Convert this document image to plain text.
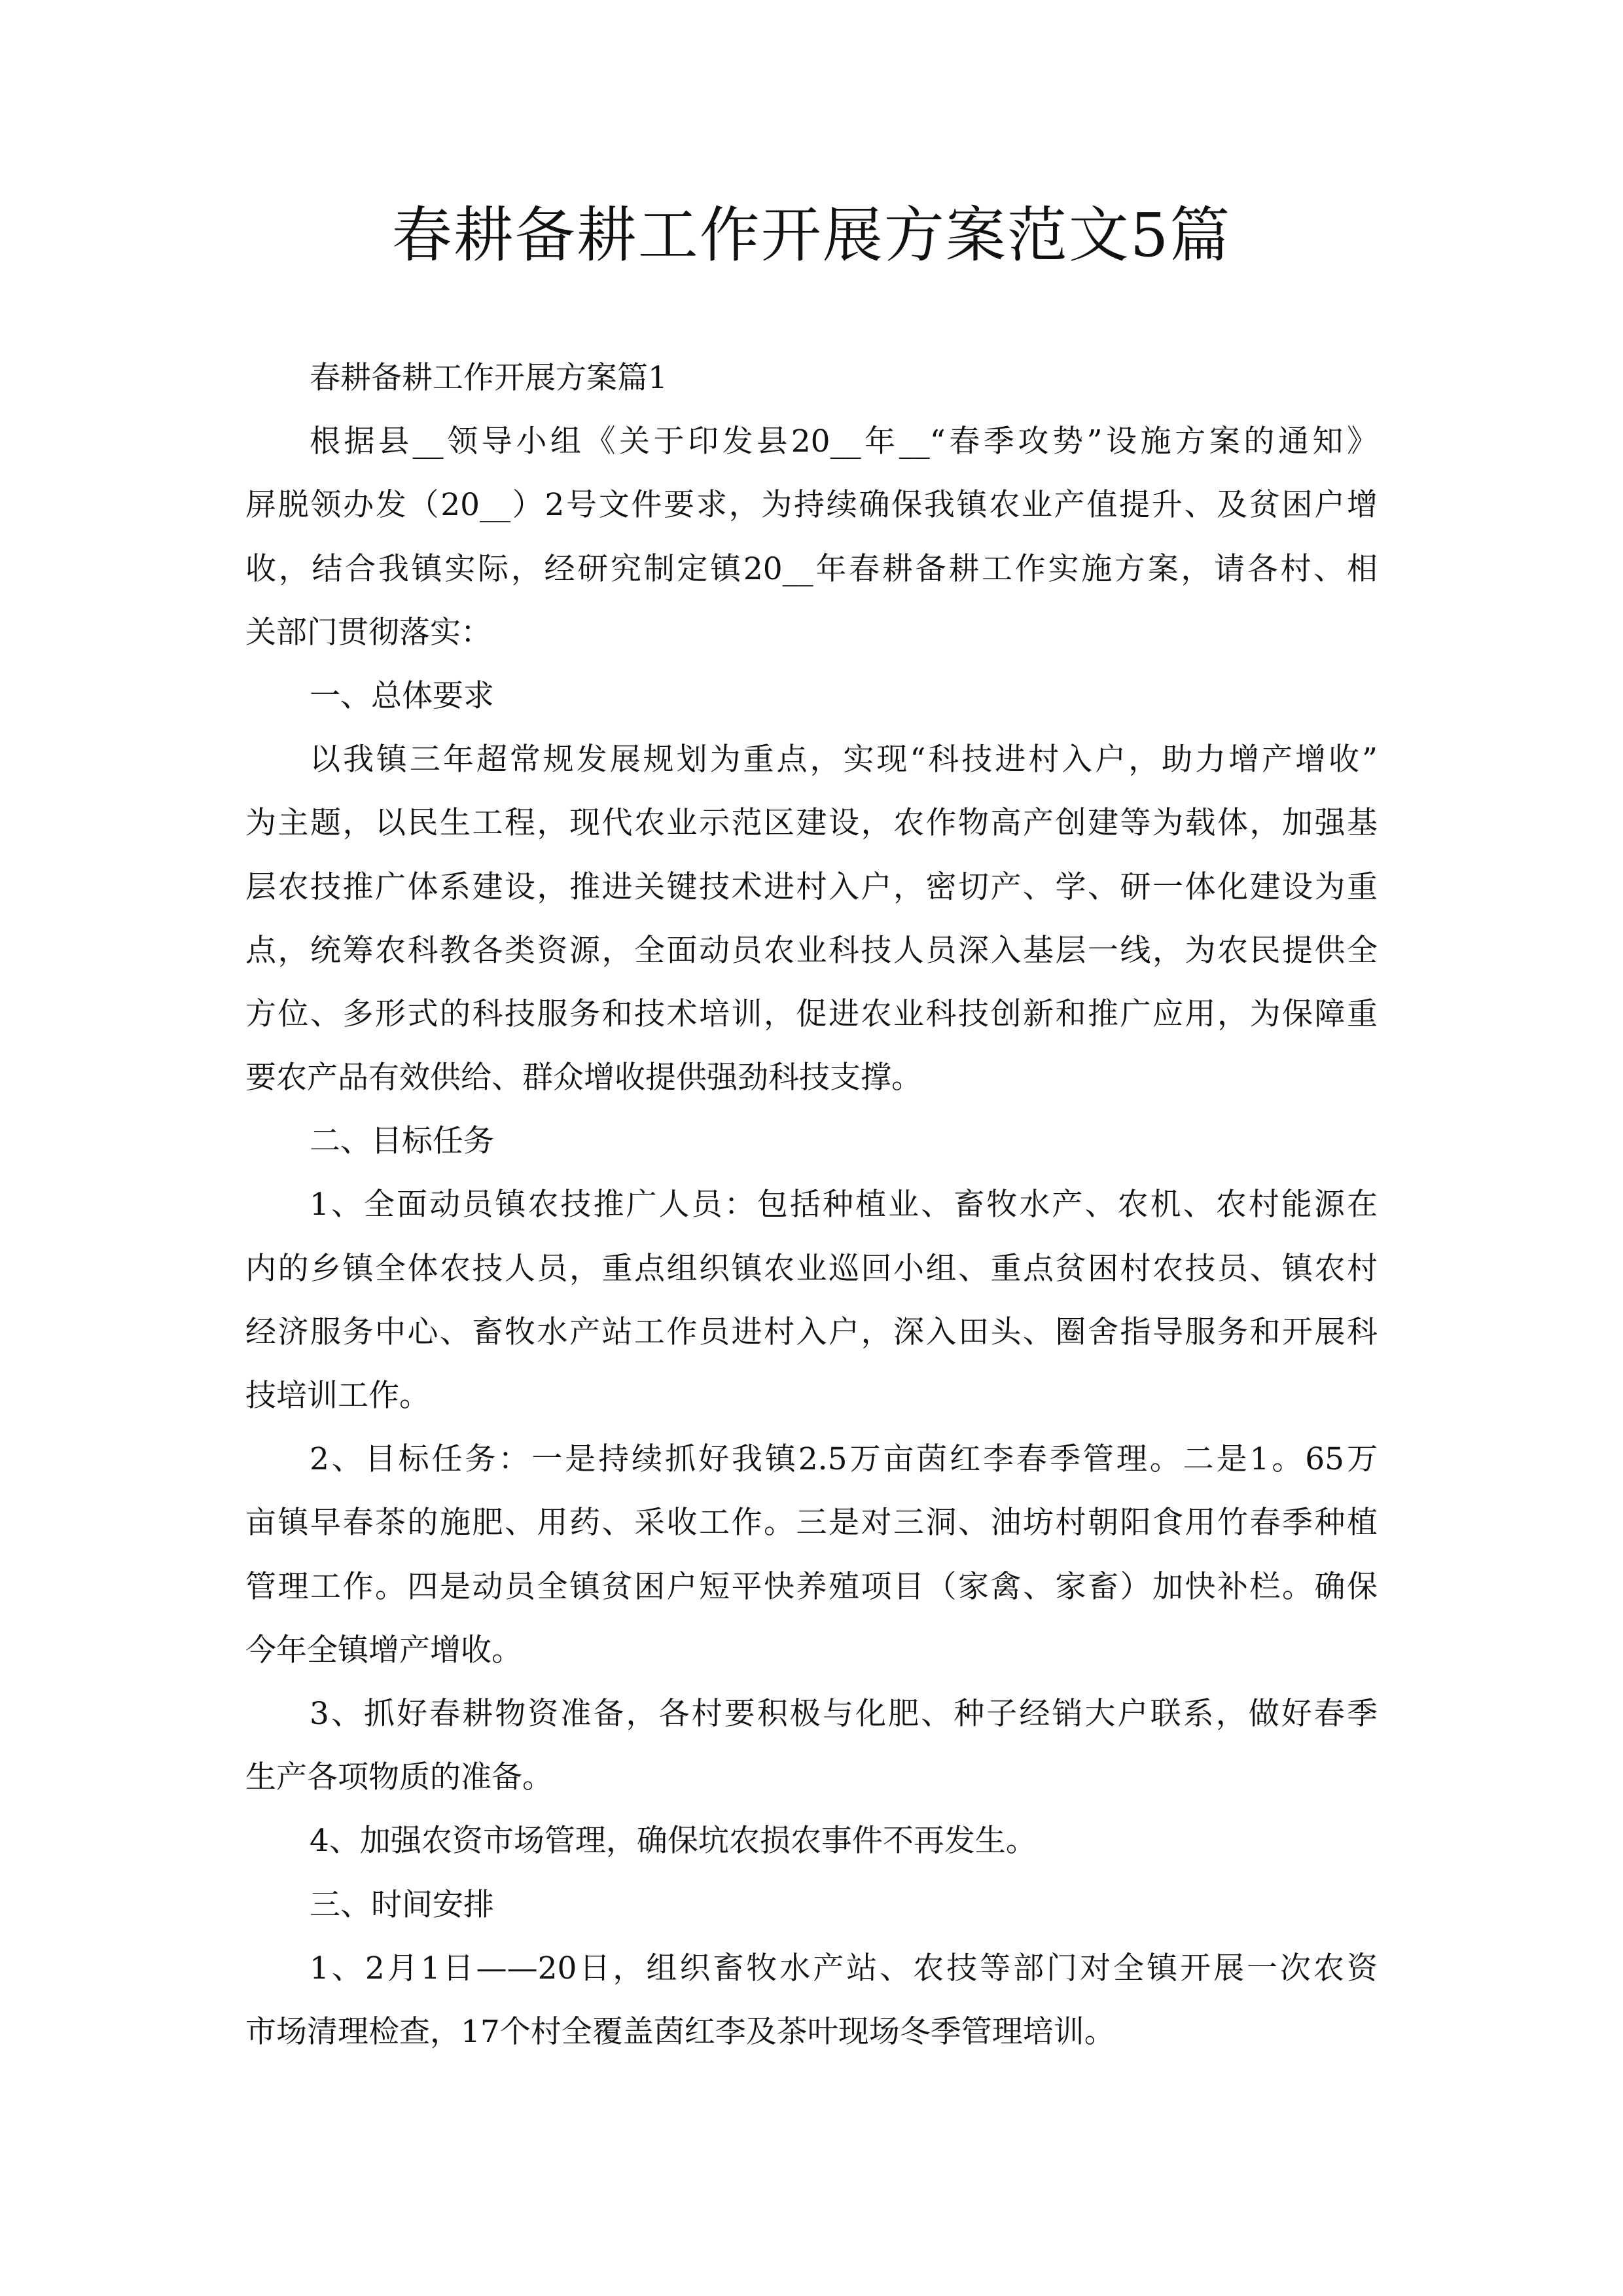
春耕备耕工作开展方案范文5篇
春耕备耕工作开展方案篇1
根据县__领导小组《关于印发县20__年__“春季攻势”设施方案的通知》
屏脱领办发（20__）2号文件要求，为持续确保我镇农业产值提升、及贫困户增
收，结合我镇实际，经研究制定镇20__年春耕备耕工作实施方案，请各村、相
关部门贯彻落实：
一、总体要求
以我镇三年超常规发展规划为重点，实现“科技进村入户，助力增产增收”
为主题，以民生工程，现代农业示范区建设，农作物高产创建等为载体，加强基
层农技推广体系建设，推进关键技术进村入户，密切产、学、研一体化建设为重
点，统筹农科教各类资源，全面动员农业科技人员深入基层一线，为农民提供全
方位、多形式的科技服务和技术培训，促进农业科技创新和推广应用，为保障重
要农产品有效供给、群众增收提供强劲科技支撑。
二、目标任务
1、全面动员镇农技推广人员：包括种植业、畜牧水产、农机、农村能源在
内的乡镇全体农技人员，重点组织镇农业巡回小组、重点贫困村农技员、镇农村
经济服务中心、畜牧水产站工作员进村入户，深入田头、圈舍指导服务和开展科
技培训工作。
2、目标任务：一是持续抓好我镇2.5万亩茵红李春季管理。二是1。65万
亩镇早春茶的施肥、用药、采收工作。三是对三洞、油坊村朝阳食用竹春季种植
管理工作。四是动员全镇贫困户短平快养殖项目（家禽、家畜）加快补栏。确保
今年全镇增产增收。
3、抓好春耕物资准备，各村要积极与化肥、种子经销大户联系，做好春季
生产各项物质的准备。
4、加强农资市场管理，确保坑农损农事件不再发生。
三、时间安排
1、2月1日——20日，组织畜牧水产站、农技等部门对全镇开展一次农资
市场清理检查，17个村全覆盖茵红李及茶叶现场冬季管理培训。
